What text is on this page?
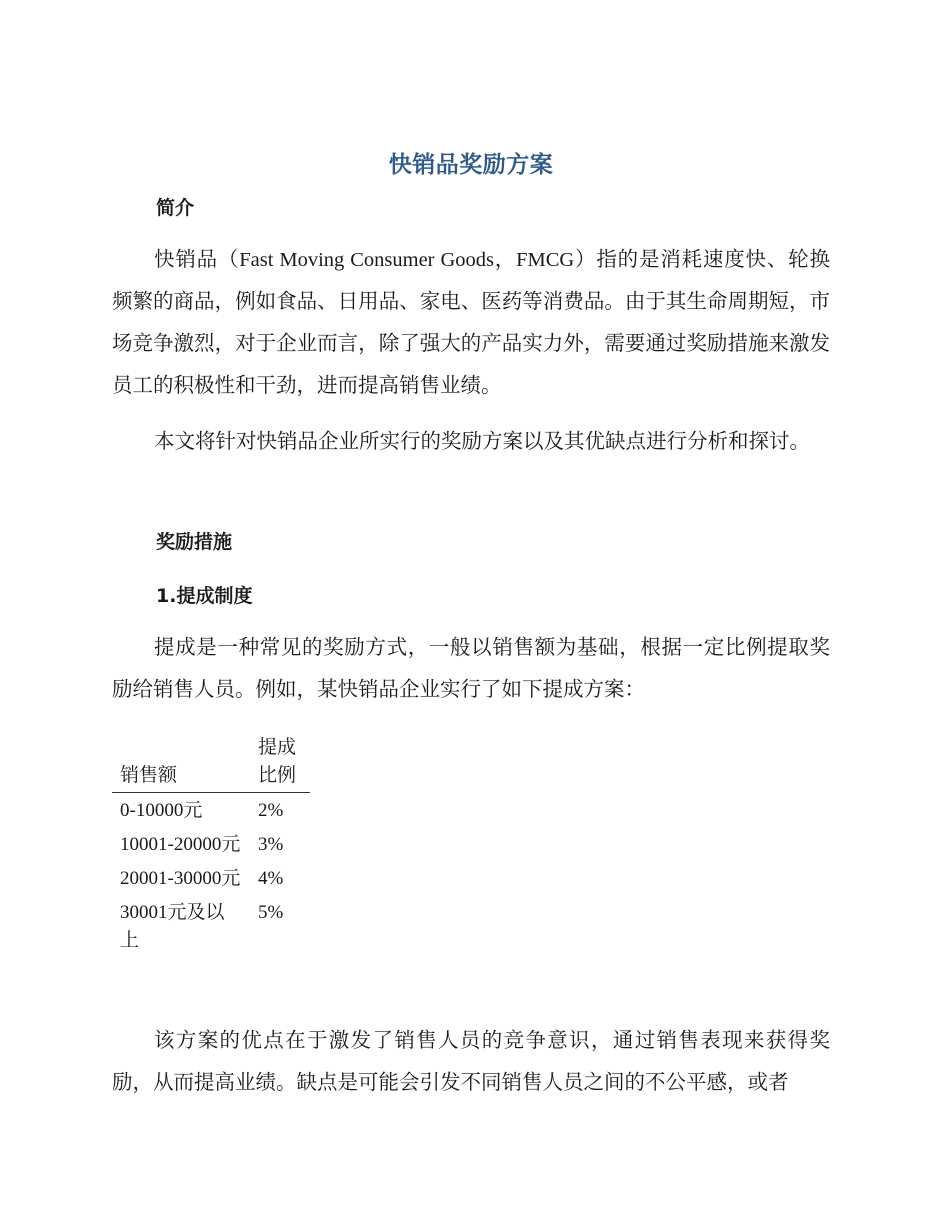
快销品奖励方案
简介

快销品（Fast Moving Consumer Goods，FMCG）指的是消耗速度快、轮换频繁的商品，例如食品、日用品、家电、医药等消费品。由于其生命周期短，市场竞争激烈，对于企业而言，除了强大的产品实力外，需要通过奖励措施来激发员工的积极性和干劲，进而提高销售业绩。

本文将针对快销品企业所实行的奖励方案以及其优缺点进行分析和探讨。

奖励措施
1.提成制度

提成是一种常见的奖励方式，一般以销售额为基础，根据一定比例提取奖励给销售人员。例如，某快销品企业实行了如下提成方案：

销售额	提成比例
0-10000元	2%
10001-20000元	3%
20001-30000元	4%
30001元及以上	5%

该方案的优点在于激发了销售人员的竞争意识，通过销售表现来获得奖励，从而提高业绩。缺点是可能会引发不同销售人员之间的不公平感，或者
